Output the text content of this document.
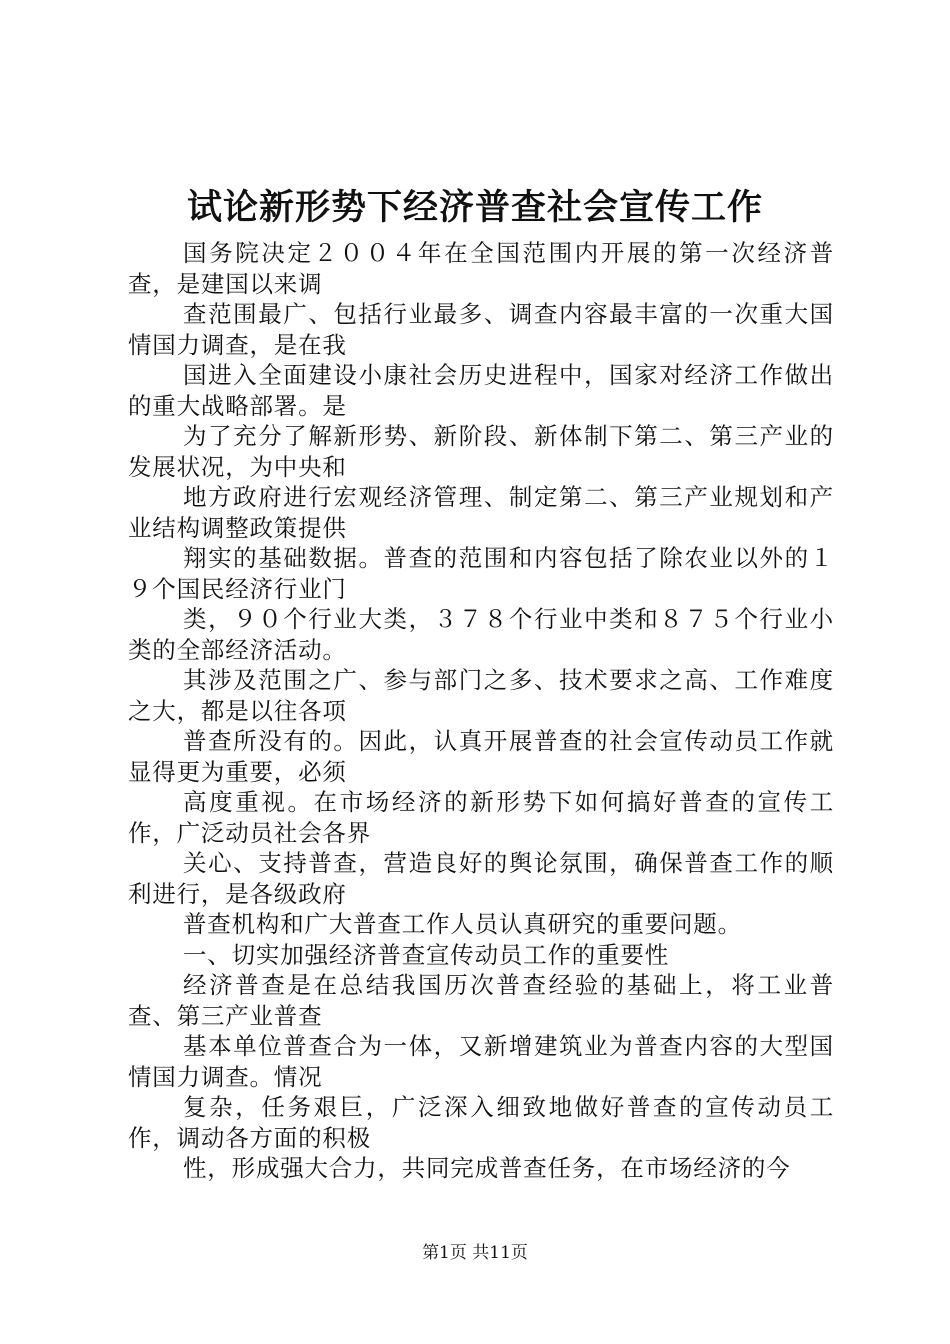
试论新形势下经济普查社会宣传工作

国务院决定２００４年在全国范围内开展的第一次经济普查，是建国以来调

查范围最广、包括行业最多、调查内容最丰富的一次重大国情国力调查，是在我

国进入全面建设小康社会历史进程中，国家对经济工作做出的重大战略部署。是

为了充分了解新形势、新阶段、新体制下第二、第三产业的发展状况，为中央和

地方政府进行宏观经济管理、制定第二、第三产业规划和产业结构调整政策提供

翔实的基础数据。普查的范围和内容包括了除农业以外的１９个国民经济行业门

类，９０个行业大类，３７８个行业中类和８７５个行业小类的全部经济活动。

其涉及范围之广、参与部门之多、技术要求之高、工作难度之大，都是以往各项

普查所没有的。因此，认真开展普查的社会宣传动员工作就显得更为重要，必须

高度重视。在市场经济的新形势下如何搞好普查的宣传工作，广泛动员社会各界

关心、支持普查，营造良好的舆论氛围，确保普查工作的顺利进行，是各级政府

普查机构和广大普查工作人员认真研究的重要问题。

一、切实加强经济普查宣传动员工作的重要性

经济普查是在总结我国历次普查经验的基础上，将工业普查、第三产业普查

基本单位普查合为一体，又新增建筑业为普查内容的大型国情国力调查。情况

复杂，任务艰巨，广泛深入细致地做好普查的宣传动员工作，调动各方面的积极

性，形成强大合力，共同完成普查任务，在市场经济的今

第1页 共11页
